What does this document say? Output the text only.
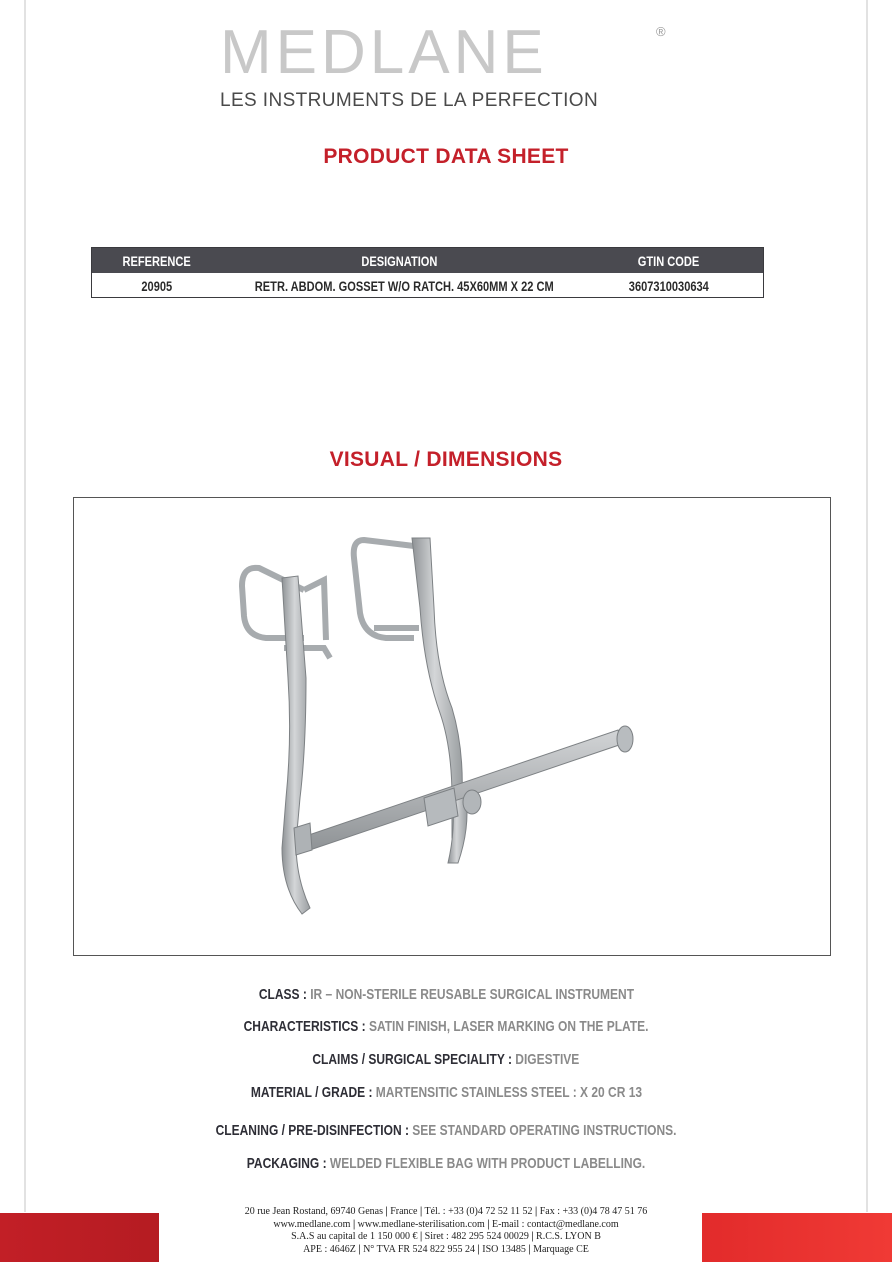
MEDLANE	®
LES INSTRUMENTS DE LA PERFECTION
PRODUCT DATA SHEET
REFERENCE	DESIGNATION	GTIN CODE
20905	RETR. ABDOM. GOSSET W/O RATCH. 45X60MM X 22 CM	3607310030634
VISUAL / DIMENSIONS
CLASS : IR – NON-STERILE REUSABLE SURGICAL INSTRUMENT
CHARACTERISTICS : SATIN FINISH, LASER MARKING ON THE PLATE.
CLAIMS / SURGICAL SPECIALITY : DIGESTIVE
MATERIAL / GRADE : MARTENSITIC STAINLESS STEEL : X 20 CR 13
CLEANING / PRE-DISINFECTION : SEE STANDARD OPERATING INSTRUCTIONS.
PACKAGING : WELDED FLEXIBLE BAG WITH PRODUCT LABELLING.
20 rue Jean Rostand, 69740 Genas | France | Tél. : +33 (0)4 72 52 11 52 | Fax : +33 (0)4 78 47 51 76
www.medlane.com | www.medlane-sterilisation.com | E-mail : contact@medlane.com
S.A.S au capital de 1 150 000 € | Siret : 482 295 524 00029 | R.C.S. LYON B
APE : 4646Z | N° TVA FR 524 822 955 24 | ISO 13485 | Marquage CE
